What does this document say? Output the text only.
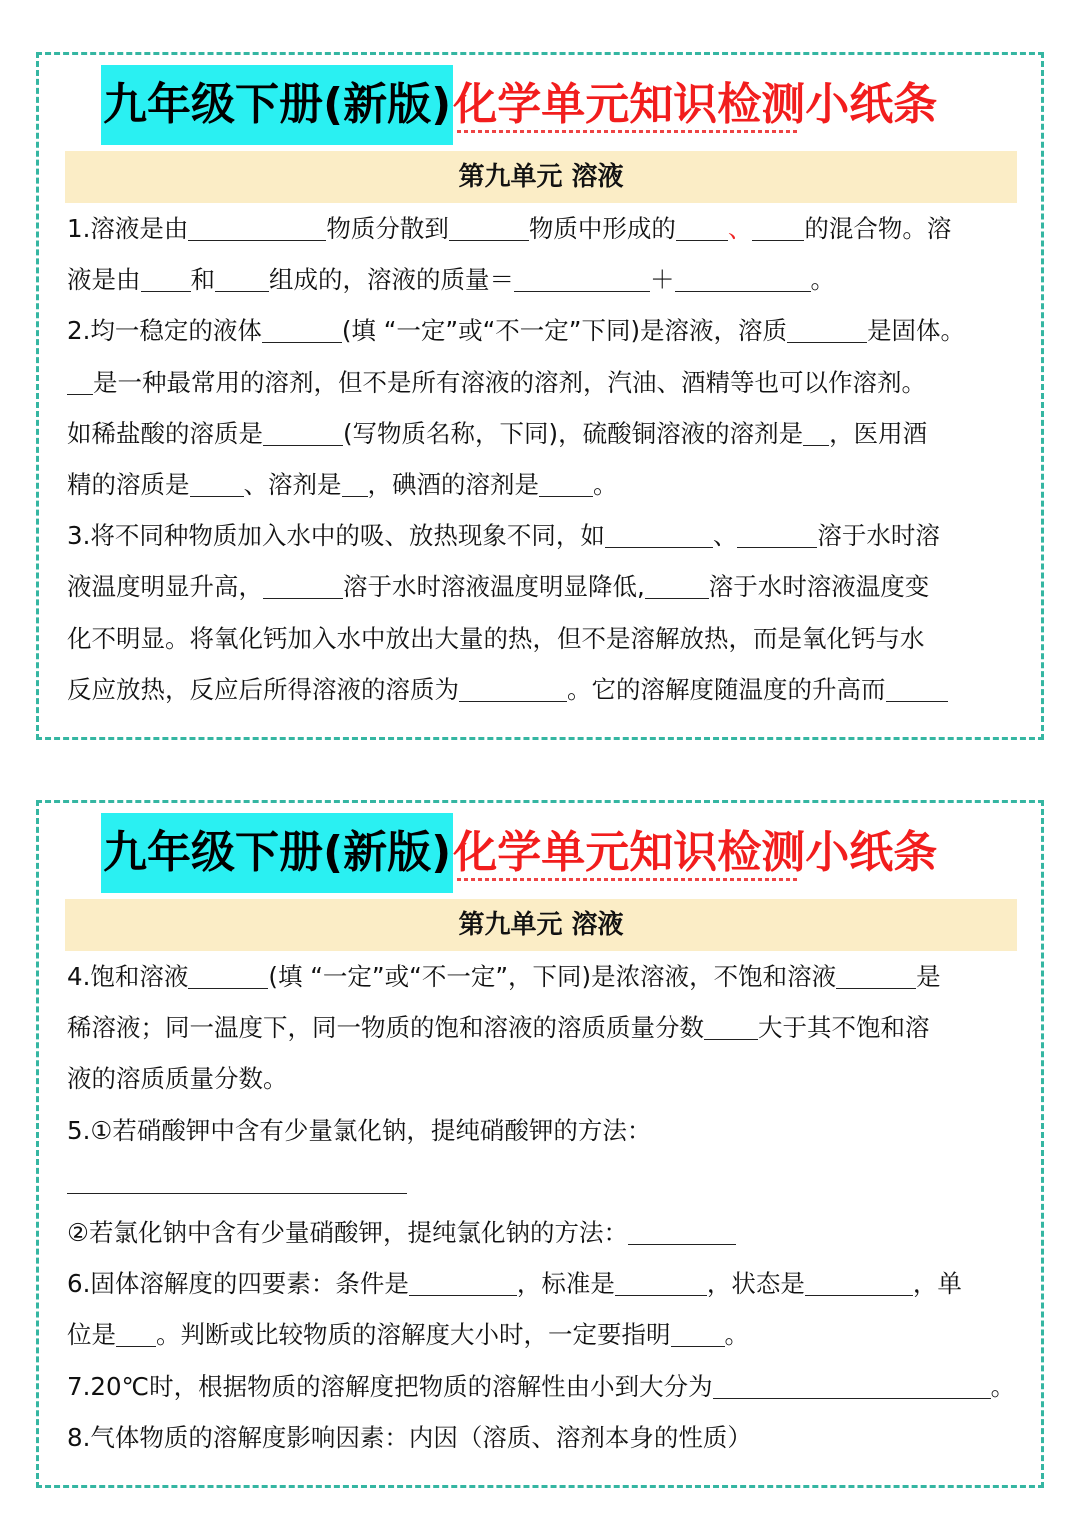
九年级下册(新版)化学单元知识检测小纸条
第九单元 溶液
1.溶液是由	物质分散到	物质中形成的 、 的混合物。溶
液是由 和 组成的，溶液的质量＝	＋	。
2.均一稳定的液体	(填 “一定”或“不一定”下同)是溶液，溶质	是固体。
是一种最常用的溶剂，但不是所有溶液的溶剂，汽油、酒精等也可以作溶剂。
如稀盐酸的溶质是	(写物质名称，下同)，硫酸铜溶液的溶剂是 ，医用酒
精的溶质是 、溶剂是 ，碘酒的溶剂是 。
3.将不同种物质加入水中的吸、放热现象不同，如	、	溶于水时溶
液温度明显升高，	溶于水时溶液温度明显降低,	溶于水时溶液温度变
化不明显。将氧化钙加入水中放出大量的热，但不是溶解放热，而是氧化钙与水
反应放热，反应后所得溶液的溶质为	。它的溶解度随温度的升高而
九年级下册(新版)化学单元知识检测小纸条
第九单元 溶液
4.饱和溶液	(填 “一定”或“不一定”，下同)是浓溶液，不饱和溶液	是
稀溶液；同一温度下，同一物质的饱和溶液的溶质质量分数 大于其不饱和溶
液的溶质质量分数。
5.①若硝酸钾中含有少量氯化钠，提纯硝酸钾的方法：
②若氯化钠中含有少量硝酸钾，提纯氯化钠的方法：
6.固体溶解度的四要素：条件是	，标准是	，状态是	，单
位是 。判断或比较物质的溶解度大小时，一定要指明 。
7.20℃时，根据物质的溶解度把物质的溶解性由小到大分为	。
8.气体物质的溶解度影响因素：内因（溶质、溶剂本身的性质）
